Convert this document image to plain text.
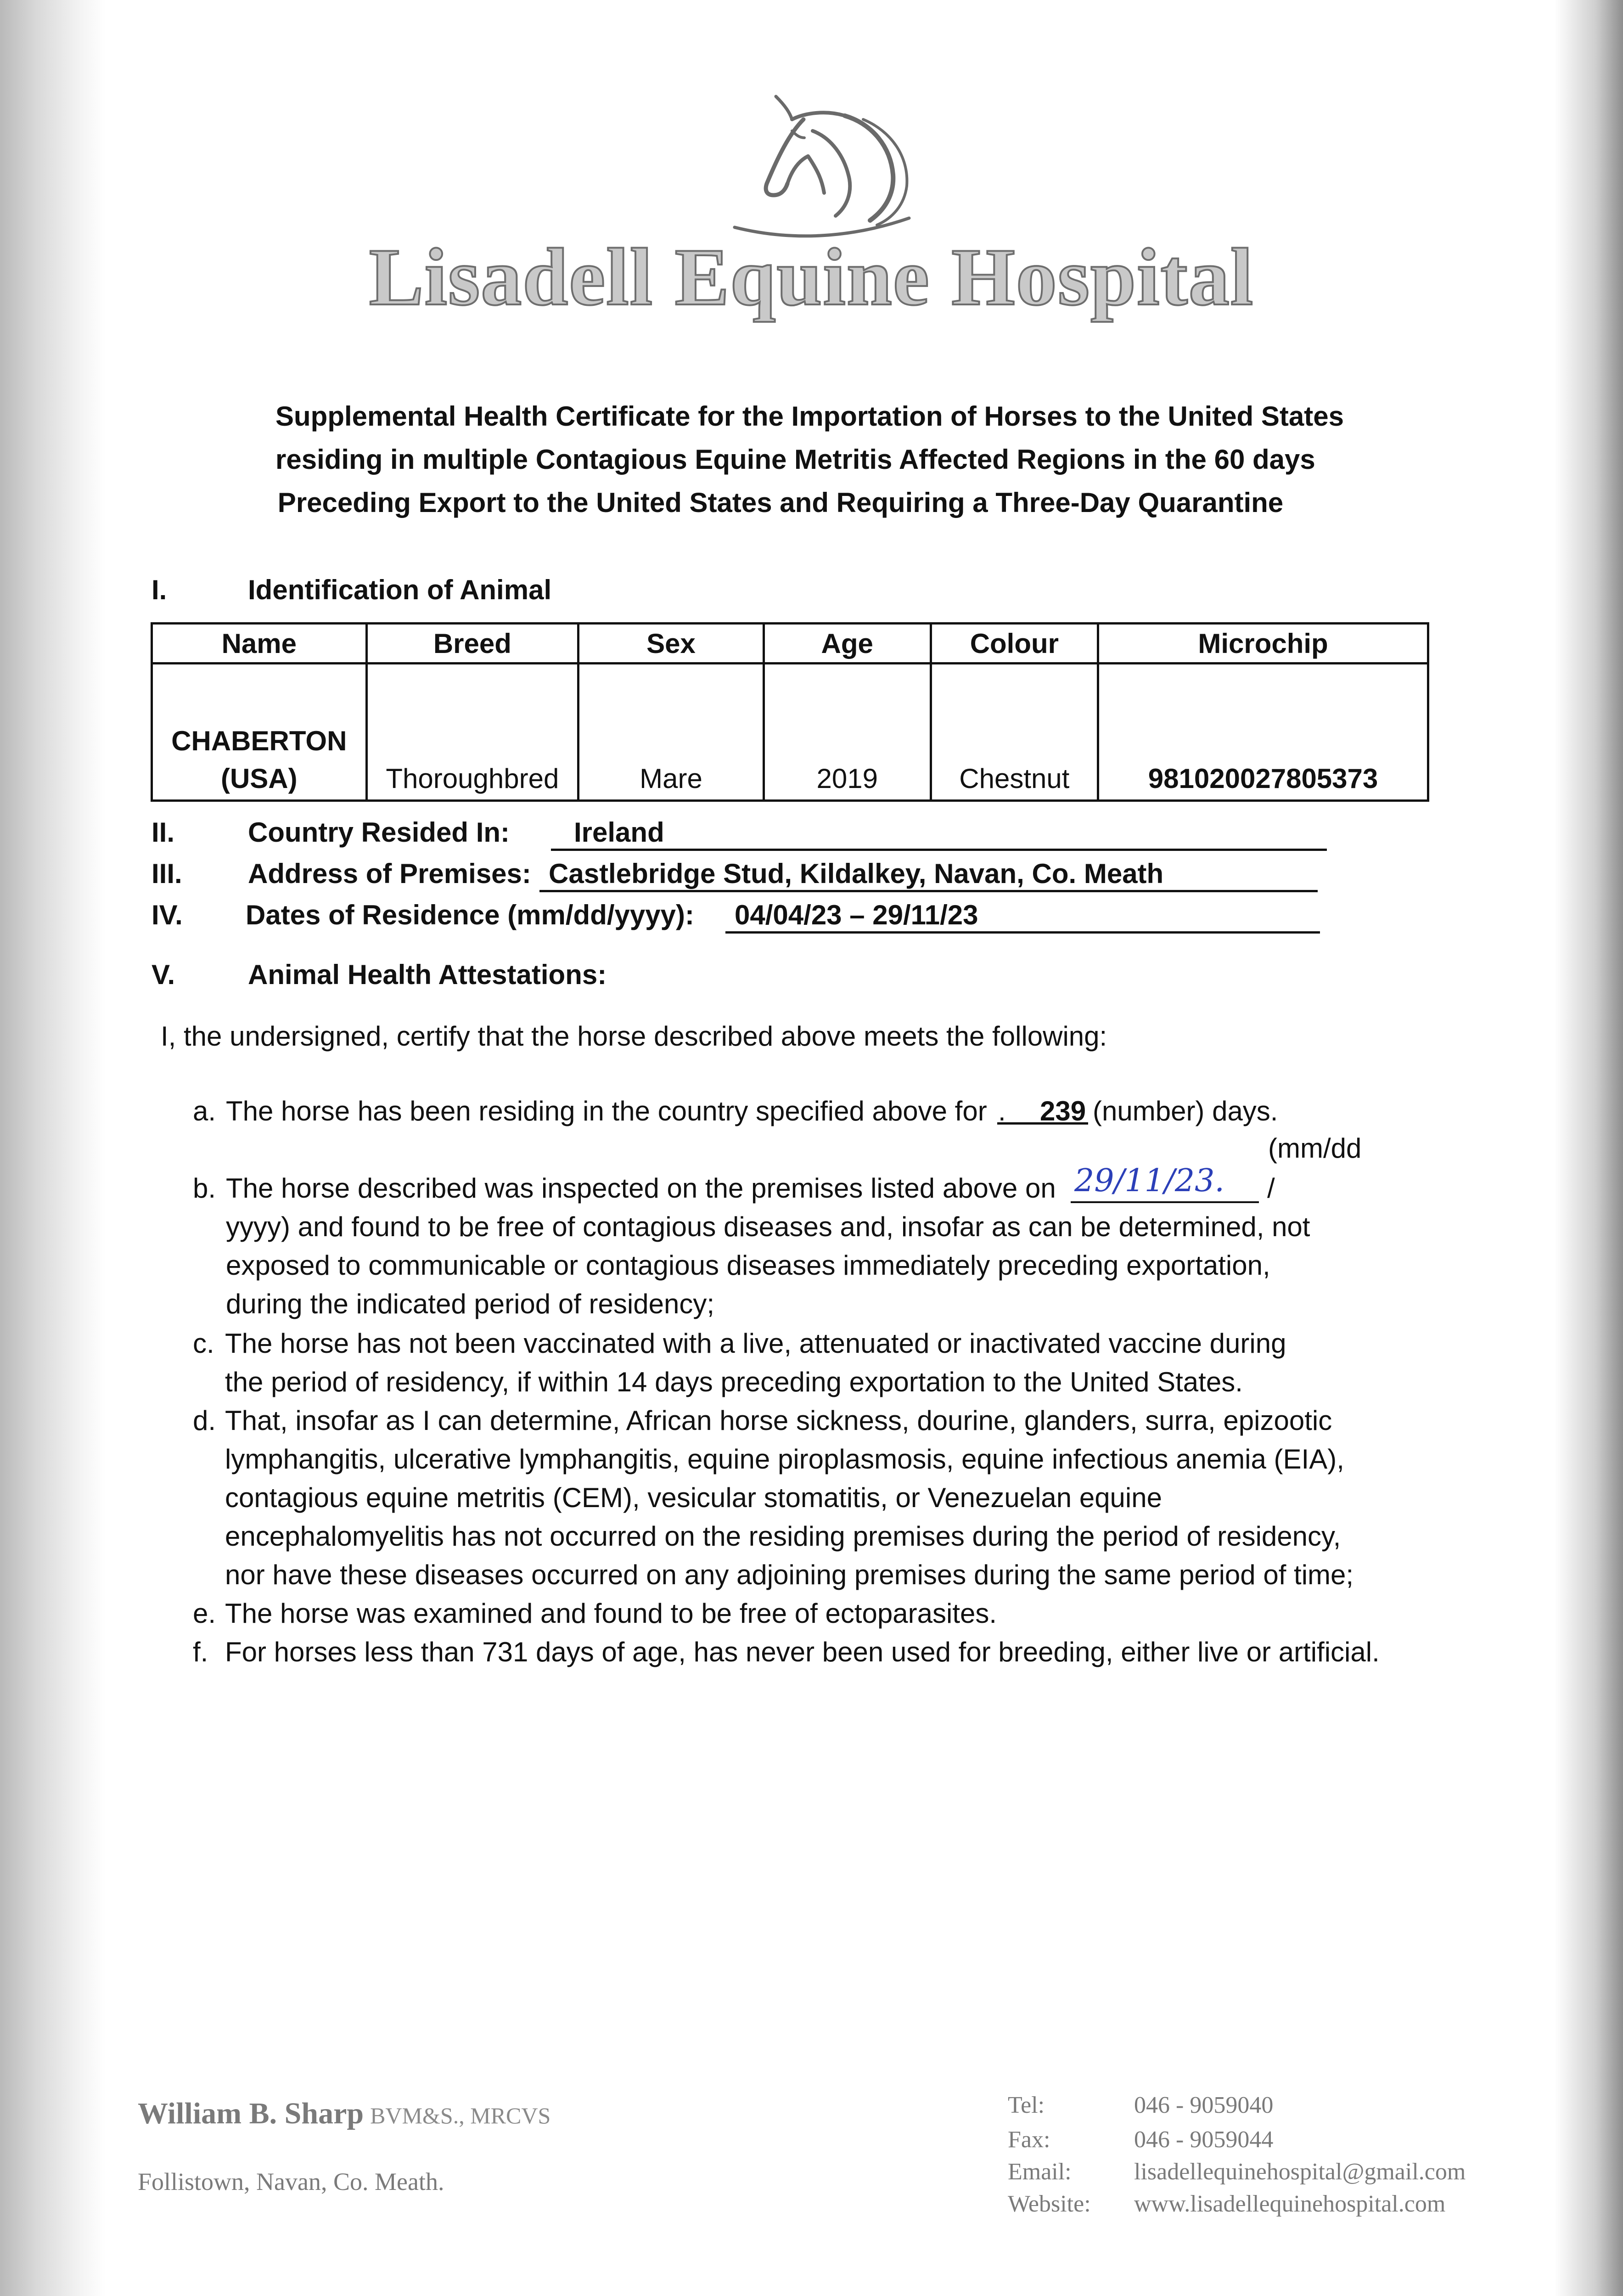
Lisadell Equine Hospital
Supplemental Health Certificate for the Importation of Horses to the United States
residing in multiple Contagious Equine Metritis Affected Regions in the 60 days
Preceding Export to the United States and Requiring a Three-Day Quarantine
I.	Identification of Animal
Name	Breed	Sex	Age	Colour	Microchip

CHABERTON
(USA)	Thoroughbred	Mare	2019	Chestnut	981020027805373
II.	Country Resided In: Ireland
III. Address of Premises: Castlebridge Stud, Kildalkey, Navan, Co. Meath
IV. Dates of Residence (mm/dd/yyyy): 04/04/23 – 29/11/23
V.	Animal Health Attestations:
I, the undersigned, certify that the horse described above meets the following:
a. The horse has been residing in the country specified above for . 239 (number) days.
(mm/dd
b. The horse described was inspected on the premises listed above on	/
yyyy) and found to be free of contagious diseases and, insofar as can be determined, not
exposed to communicable or contagious diseases immediately preceding exportation,
during the indicated period of residency;
29/11/23.
c. The horse has not been vaccinated with a live, attenuated or inactivated vaccine during
the period of residency, if within 14 days preceding exportation to the United States.
d. That, insofar as I can determine, African horse sickness, dourine, glanders, surra, epizootic
lymphangitis, ulcerative lymphangitis, equine piroplasmosis, equine infectious anemia (EIA),
contagious equine metritis (CEM), vesicular stomatitis, or Venezuelan equine
encephalomyelitis has not occurred on the residing premises during the period of residency,
nor have these diseases occurred on any adjoining premises during the same period of time;
e. The horse was examined and found to be free of ectoparasites.
f. For horses less than 731 days of age, has never been used for breeding, either live or artificial.
William B. Sharp BVM&S., MRCVS
Follistown, Navan, Co. Meath.
Tel:	046 - 9059040
Fax:	046 - 9059044
Email:	lisadellequinehospital@gmail.com
Website: www.lisadellequinehospital.com
